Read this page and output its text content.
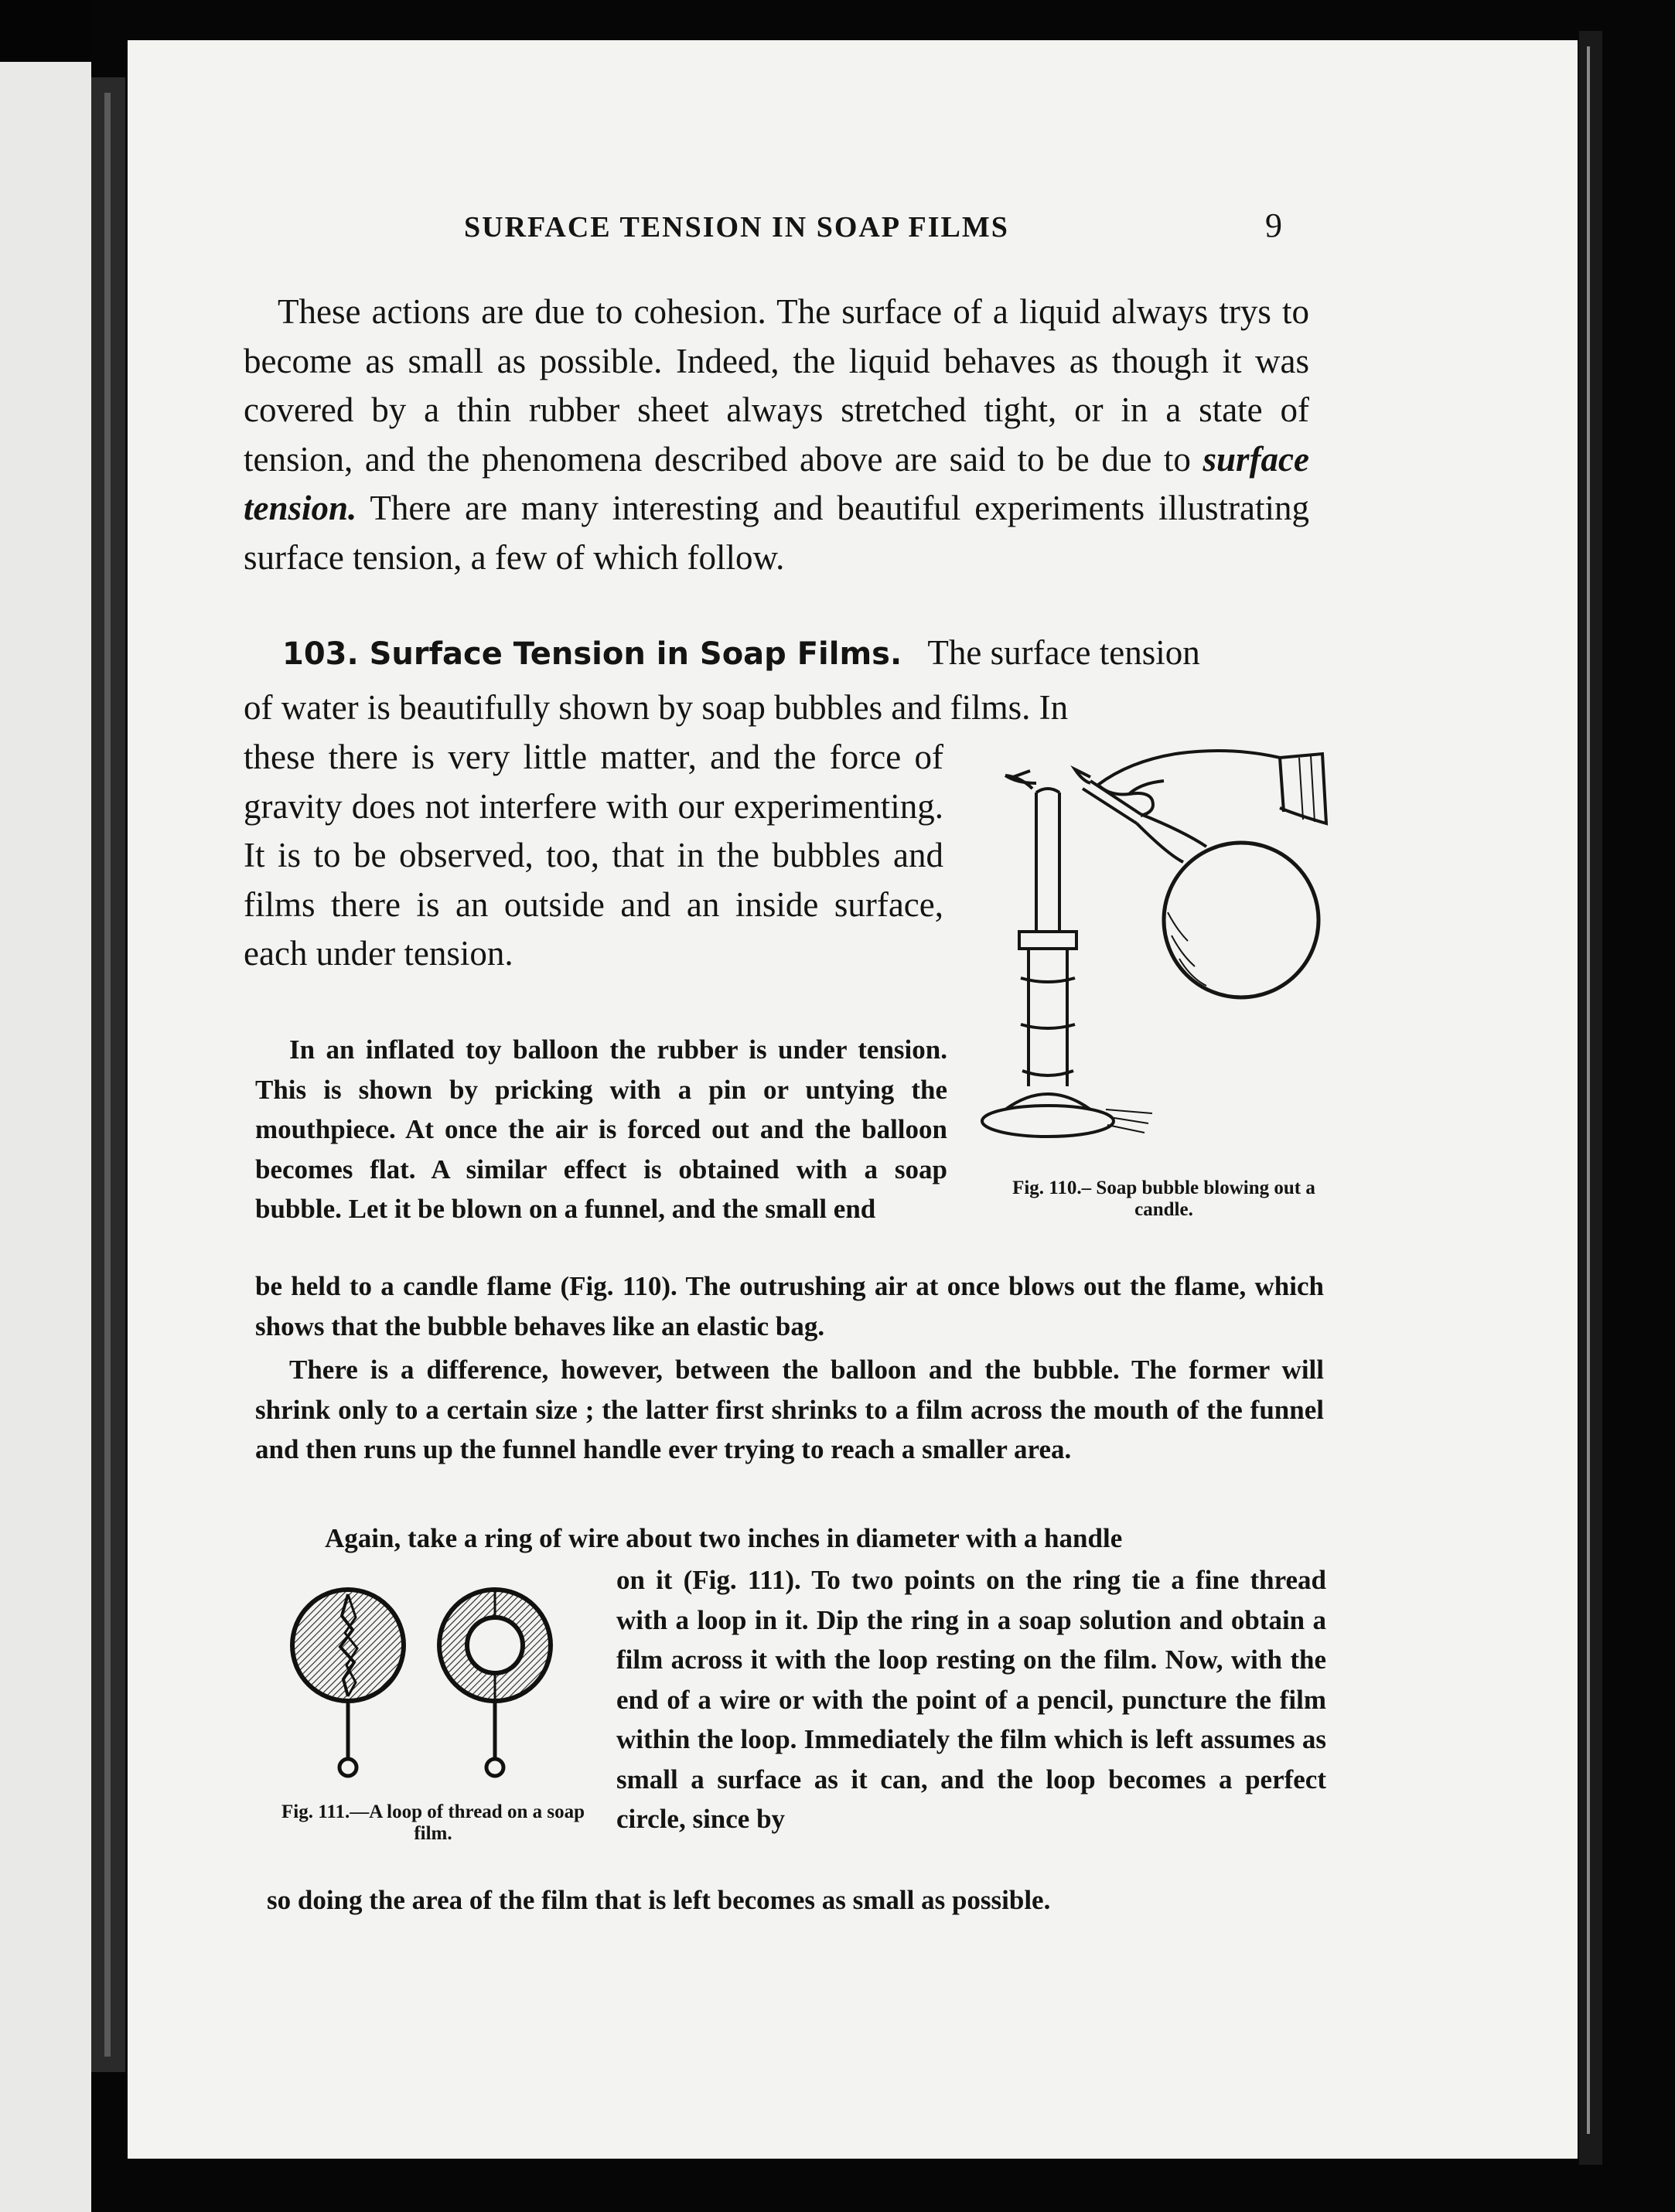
SURFACE TENSION IN SOAP FILMS	9
These actions are due to cohesion. The surface of a liquid always trys to become as small as possible. Indeed, the liquid behaves as though it was covered by a thin rubber sheet always stretched tight, or in a state of tension, and the phenomena described above are said to be due to surface tension. There are many interesting and beautiful experiments illustrating surface tension, a few of which follow.
103. Surface Tension in Soap Films. The surface tension
of water is beautifully shown by soap bubbles and films. In
these there is very little matter, and the force of gravity does not interfere with our experimenting. It is to be observed, too, that in the bubbles and films there is an outside and an inside surface, each under tension.
In an inflated toy balloon the rubber is under tension. This is shown by pricking with a pin or untying the mouthpiece. At once the air is forced out and the balloon becomes flat. A similar effect is obtained with a soap bubble. Let it be blown on a funnel, and the small end
be held to a candle flame (Fig. 110). The outrushing air at once blows out the flame, which shows that the bubble behaves like an elastic bag.
There is a difference, however, between the balloon and the bubble. The former will shrink only to a certain size ; the latter first shrinks to a film across the mouth of the funnel and then runs up the funnel handle ever trying to reach a smaller area.
Again, take a ring of wire about two inches in diameter with a handle
on it (Fig. 111). To two points on the ring tie a fine thread with a loop in it. Dip the ring in a soap solution and obtain a film across it with the loop resting on the film. Now, with the end of a wire or with the point of a pencil, puncture the film within the loop. Immediately the film which is left assumes as small a surface as it can, and the loop becomes a perfect circle, since by
so doing the area of the film that is left becomes as small as possible.
Fig. 110.– Soap bubble blowing out a candle.
Fig. 111.—A loop of thread on a soap film.
